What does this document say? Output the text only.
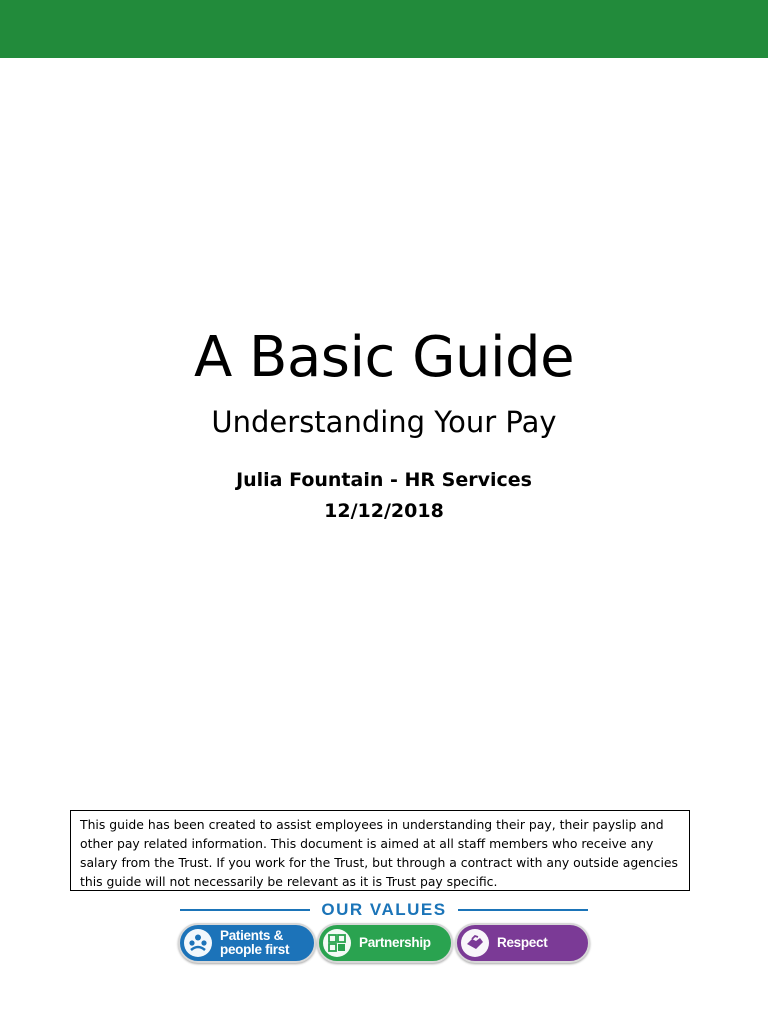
A Basic Guide
Understanding Your Pay
Julia Fountain - HR Services
12/12/2018
This guide has been created to assist employees in understanding their pay, their payslip and other pay related information. This document is aimed at all staff members who receive any salary from the Trust. If you work for the Trust, but through a contract with any outside agencies this guide will not necessarily be relevant as it is Trust pay specific.
OUR VALUES
Patients & people first	Partnership	Respect
